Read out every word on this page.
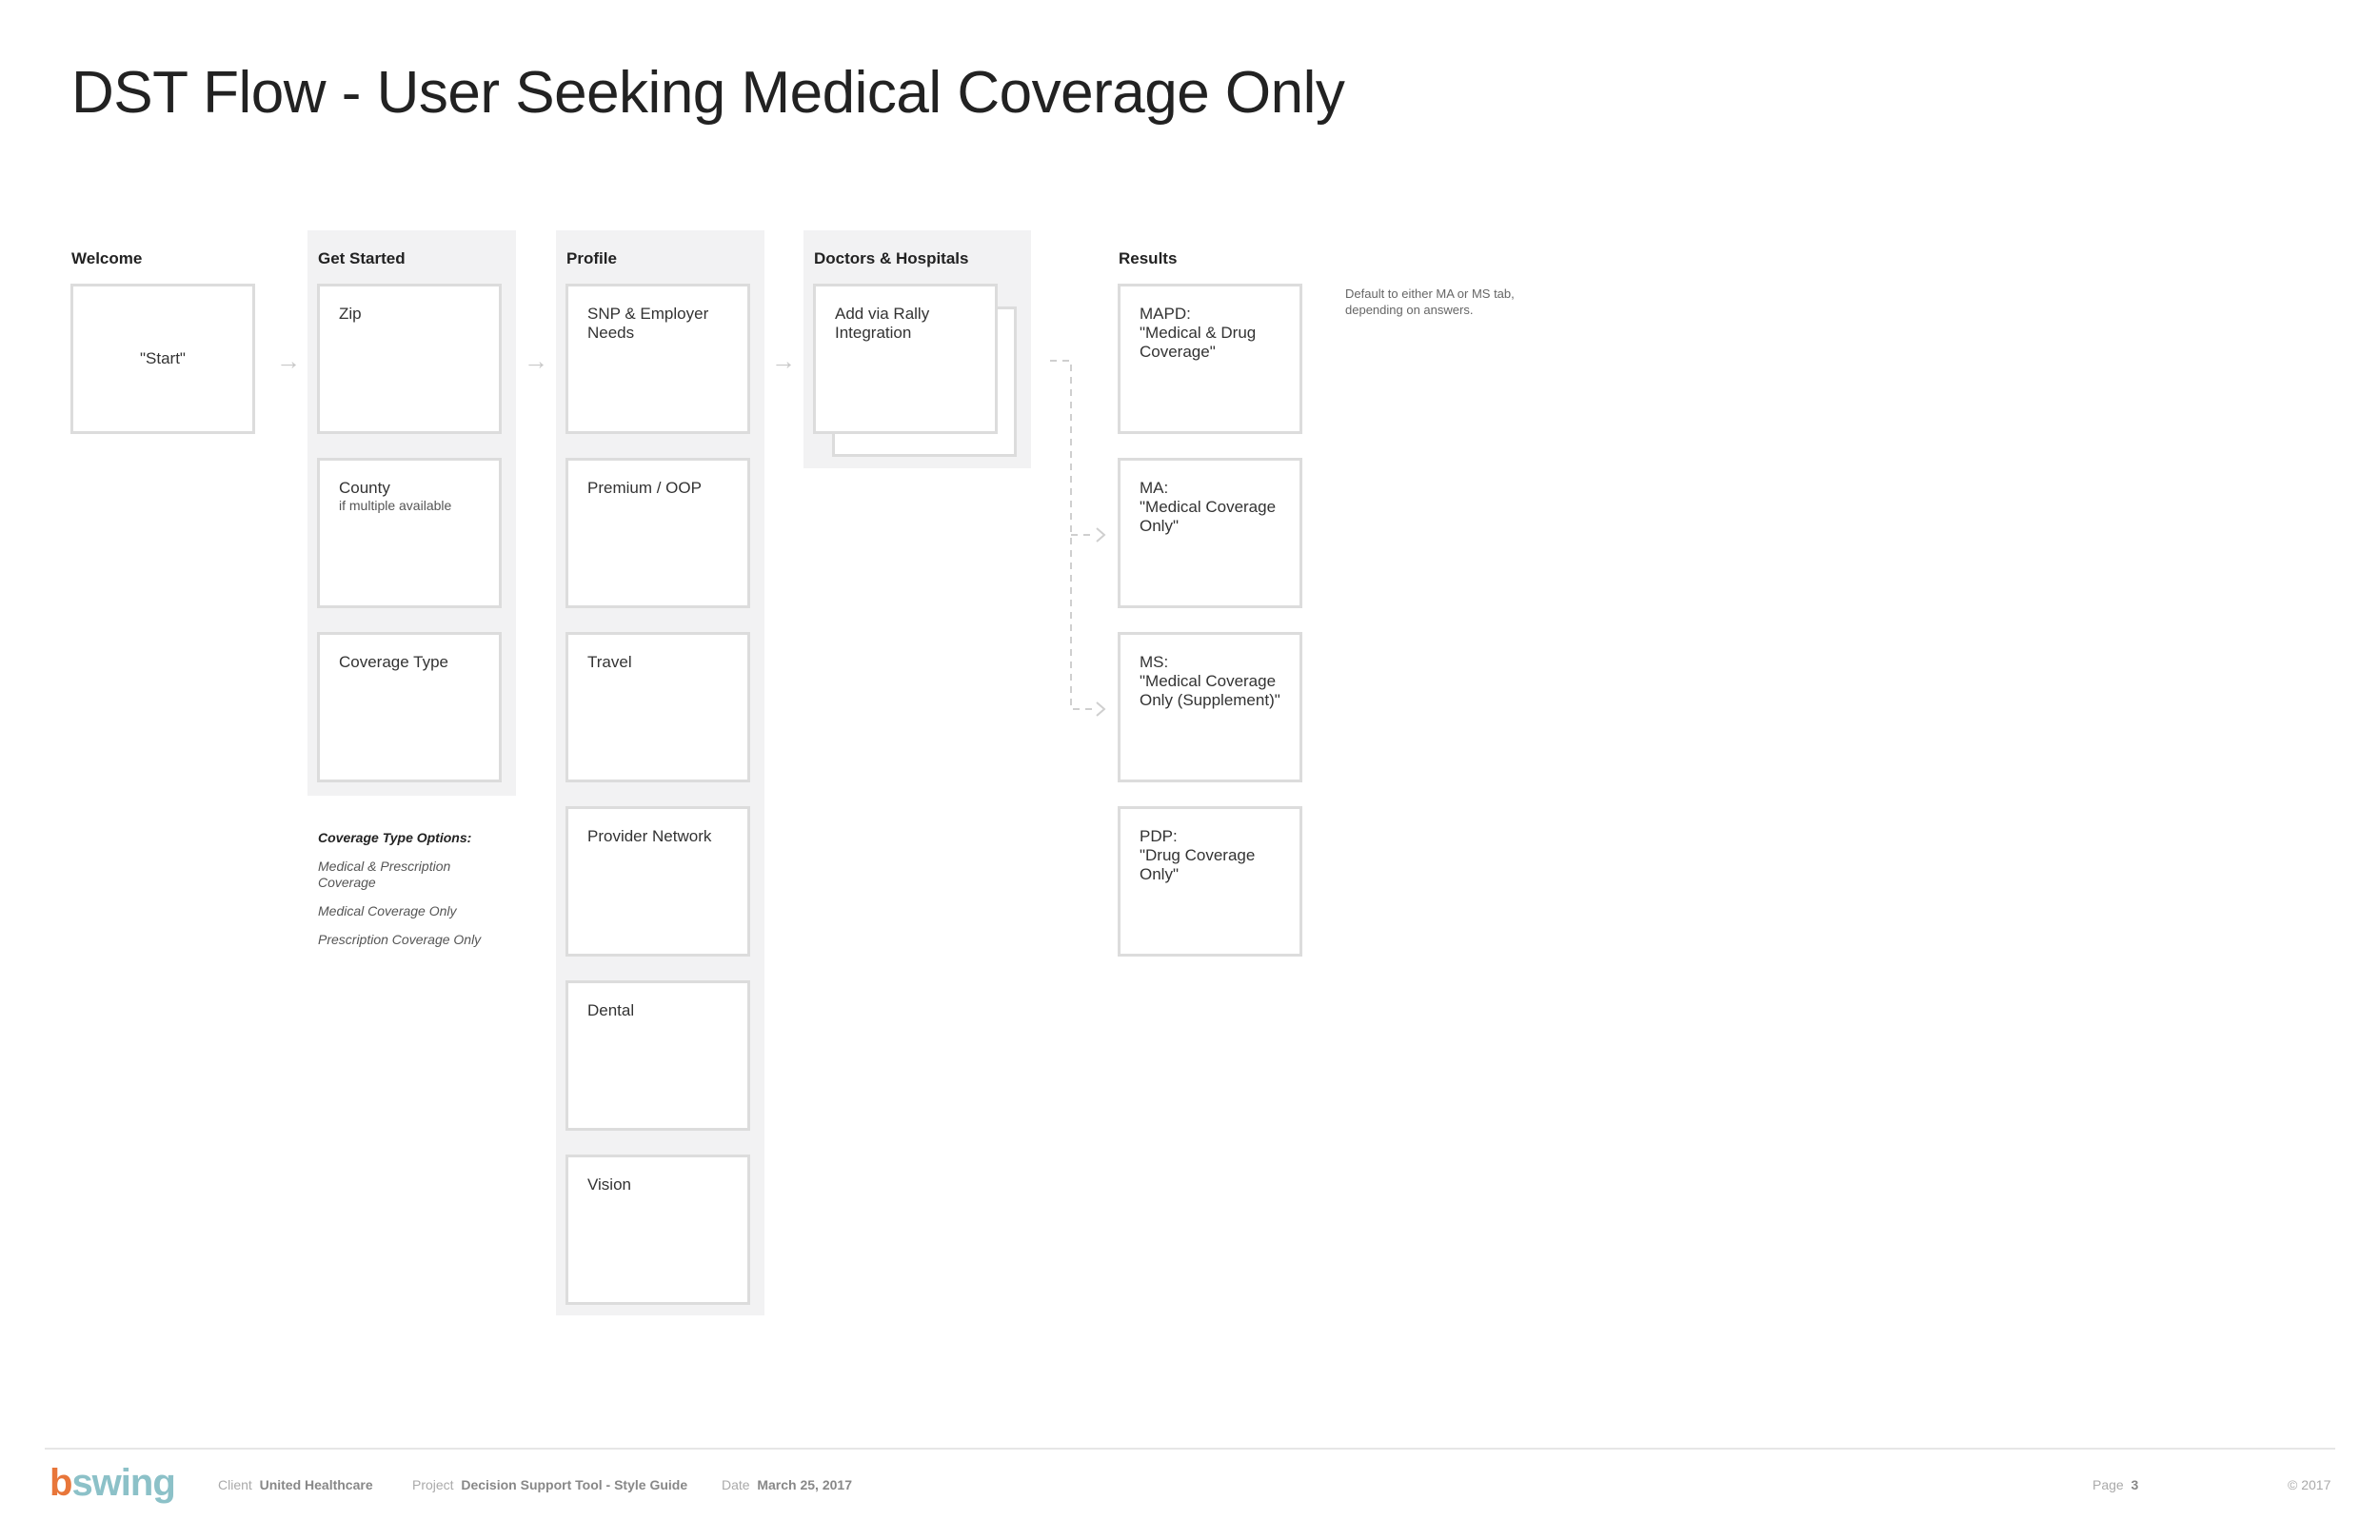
DST Flow - User Seeking Medical Coverage Only
Welcome	Get Started	Profile	Doctors & Hospitals	Results
"Start"
Zip
County
if multiple available
Coverage Type
Coverage Type Options:
Medical & Prescription Coverage
Medical Coverage Only
Prescription Coverage Only
SNP & Employer Needs
Premium / OOP
Travel
Provider Network
Dental
Vision
Add via Rally Integration
MAPD:
"Medical & Drug Coverage"
MA:
"Medical Coverage Only"
MS:
"Medical Coverage Only (Supplement)"
PDP:
"Drug Coverage Only"
Default to either MA or MS tab, depending on answers.
→	→	→
bswing	Client United Healthcare	Project Decision Support Tool - Style Guide	Date March 25, 2017	Page 3	© 2017
